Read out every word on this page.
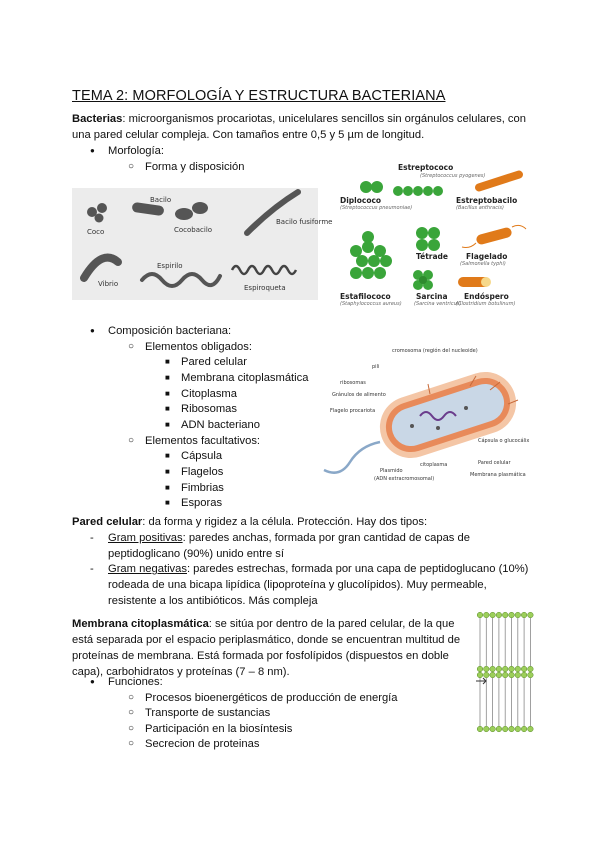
TEMA 2: MORFOLOGÍA Y ESTRUCTURA BACTERIANA
Bacterias: microorganismos procariotas, unicelulares sencillos sin orgánulos celulares, con
una pared celular compleja. Con tamaños entre 0,5 y 5 µm de longitud.
● Morfología:
○ Forma y disposición
Coco
Bacilo
Cocobacilo
Bacilo fusiforme
Vibrio
Espirilo
Espiroqueta
Estreptococo
(Streptococcus pyogenes)
Diplococo
(Streptococcus pneumoniae)
Estreptobacilo
(Bacillus anthracis)
Tétrade Flagelado
(Salmonella typhi)
Estafilococo
(Staphylococcus aureus)
Sarcina
(Sarcina ventriculi)
Endóspero
(Clostridium botulinum)
● Composición bacteriana:
○ Elementos obligados:
■ Pared celular
■ Membrana citoplasmática
■ Citoplasma
■ Ribosomas
■ ADN bacteriano
○ Elementos facultativos:
■ Cápsula
■ Flagelos
■ Fimbrias
■ Esporas
cromosoma (región del nucleoide)
pili
ribosomas
Gránulos de alimento
Flagelo procariota
Cápsula o glucocálix
Pared celular
Membrana plasmática
citoplasma
Plasmido
(ADN extracromosomal)
Pared celular: da forma y rigidez a la célula. Protección. Hay dos tipos:
- Gram positivas: paredes anchas, formada por gran cantidad de capas de
peptidoglicano (90%) unido entre sí
- Gram negativas: paredes estrechas, formada por una capa de peptidoglucano (10%)
rodeada de una bicapa lipídica (lipoproteína y glucolípidos). Muy permeable,
resistente a los antibióticos. Más compleja
Membrana citoplasmática: se sitúa por dentro de la pared celular, de la que
está separada por el espacio periplasmático, donde se encuentran multitud de
proteínas de membrana. Está formada por fosfolípidos (dispuestos en doble
capa), carbohidratos y proteínas (7 – 8 nm).
● Funciones:
○ Procesos bioenergéticos de producción de energía
○ Transporte de sustancias
○ Participación en la biosíntesis
○ Secrecion de proteinas
